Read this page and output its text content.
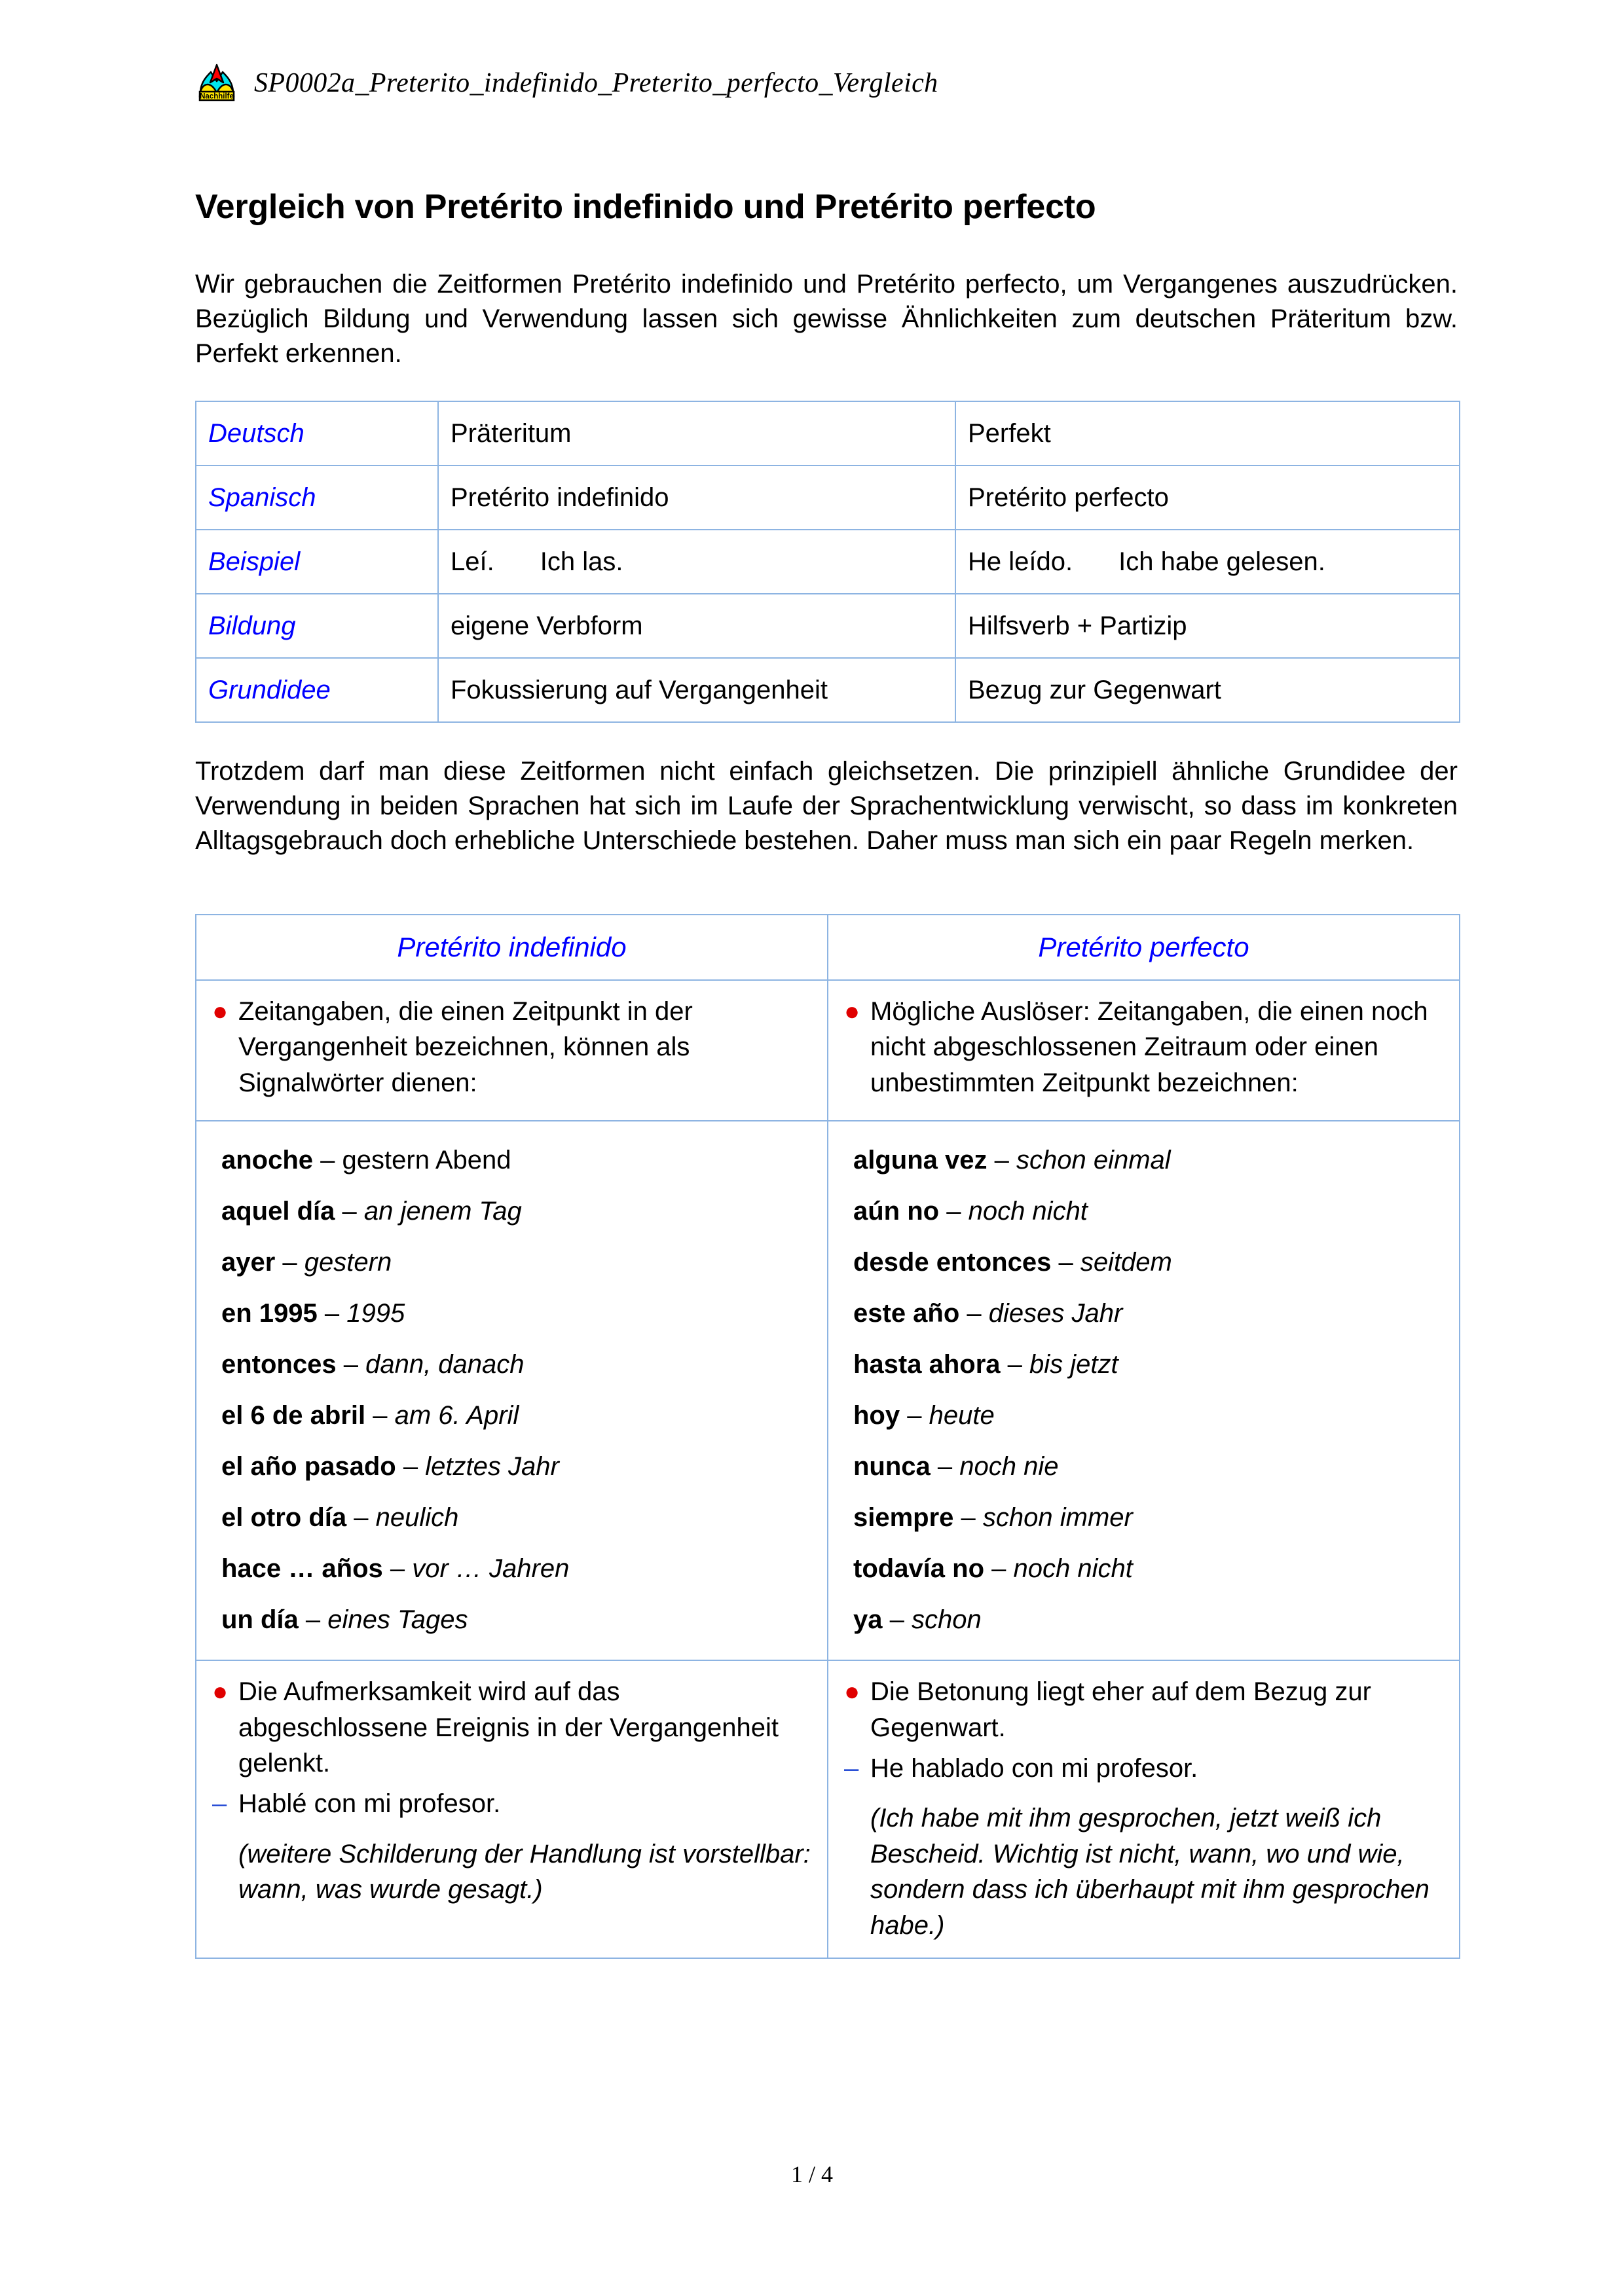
Nachhilfe SP0002a_Preterito_indefinido_Preterito_perfecto_Vergleich
Vergleich von Pretérito indefinido und Pretérito perfecto
Wir gebrauchen die Zeitformen Pretérito indefinido und Pretérito perfecto, um Vergangenes auszudrücken. Bezüglich Bildung und Verwendung lassen sich gewisse Ähnlichkeiten zum deutschen Präteritum bzw. Perfekt erkennen.
Deutsch	Präteritum	Perfekt
Spanisch	Pretérito indefinido	Pretérito perfecto
Beispiel	Leí. Ich las.	He leído. Ich habe gelesen.
Bildung	eigene Verbform	Hilfsverb + Partizip
Grundidee	Fokussierung auf Vergangenheit	Bezug zur Gegenwart
Trotzdem darf man diese Zeitformen nicht einfach gleichsetzen. Die prinzipiell ähnliche Grundidee der Verwendung in beiden Sprachen hat sich im Laufe der Sprachentwicklung verwischt, so dass im konkreten Alltagsgebrauch doch erhebliche Unterschiede bestehen. Daher muss man sich ein paar Regeln merken.
Pretérito indefinido	Pretérito perfecto

● Zeitangaben, die einen Zeitpunkt in der Vergangenheit bezeichnen, können als Signalwörter dienen:

● Mögliche Auslöser: Zeitangaben, die einen noch nicht abgeschlossenen Zeitraum oder einen unbestimmten Zeitpunkt bezeichnen:

anoche – gestern Abend
aquel día – an jenem Tag
ayer – gestern
en 1995 – 1995
entonces – dann, danach
el 6 de abril – am 6. April
el año pasado – letztes Jahr
el otro día – neulich
hace … años – vor … Jahren
un día – eines Tages

alguna vez – schon einmal
aún no – noch nicht
desde entonces – seitdem
este año – dieses Jahr
hasta ahora – bis jetzt
hoy – heute
nunca – noch nie
siempre – schon immer
todavía no – noch nicht
ya – schon

● Die Aufmerksamkeit wird auf das abgeschlossene Ereignis in der Vergangenheit gelenkt.
– Hablé con mi profesor.
(weitere Schilderung der Handlung ist vorstellbar: wann, was wurde gesagt.)

● Die Betonung liegt eher auf dem Bezug zur Gegenwart.
– He hablado con mi profesor.
(Ich habe mit ihm gesprochen, jetzt weiß ich Bescheid. Wichtig ist nicht, wann, wo und wie, sondern dass ich überhaupt mit ihm gesprochen habe.)
1 / 4
